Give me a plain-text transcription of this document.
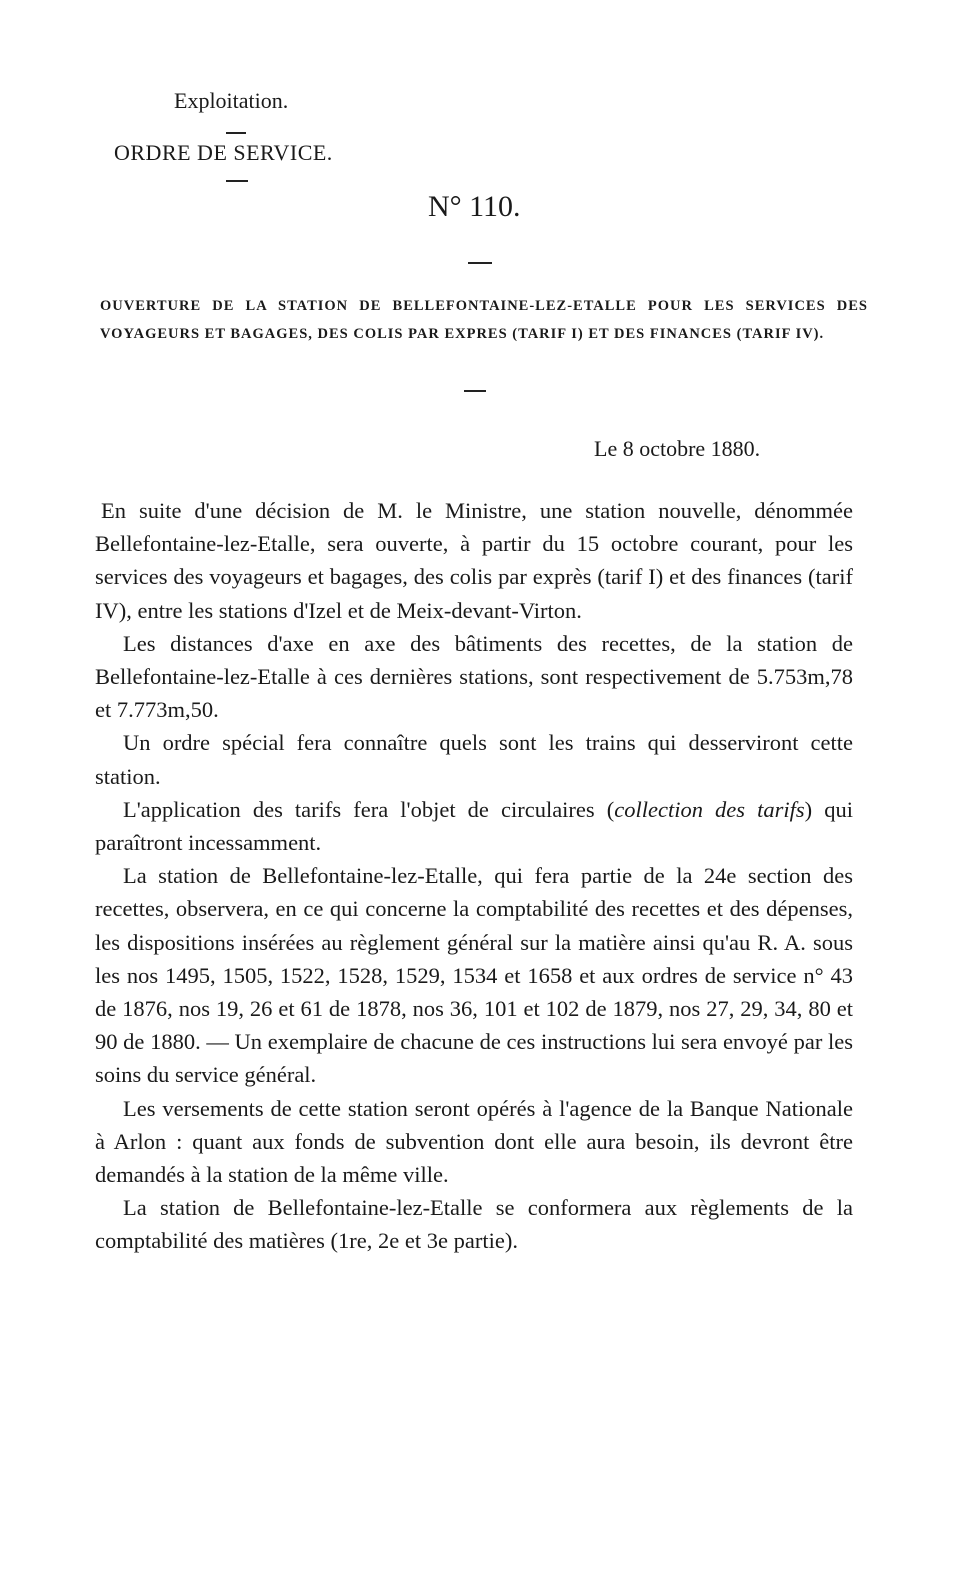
Exploitation.
ORDRE DE SERVICE.
N° 110.
OUVERTURE DE LA STATION DE BELLEFONTAINE-LEZ-ETALLE POUR LES SERVICES DES VOYAGEURS ET BAGAGES, DES COLIS PAR EXPRES (TARIF I) ET DES FINANCES (TARIF IV).
Le 8 octobre 1880.

En suite d'une décision de M. le Ministre, une station nouvelle, dénommée Bellefontaine-lez-Etalle, sera ouverte, à partir du 15 octobre courant, pour les services des voyageurs et bagages, des colis par exprès (tarif I) et des finances (tarif IV), entre les stations d'Izel et de Meix-devant-Virton.

Les distances d'axe en axe des bâtiments des recettes, de la station de Bellefontaine-lez-Etalle à ces dernières stations, sont respectivement de 5.753m,78 et 7.773m,50.

Un ordre spécial fera connaître quels sont les trains qui desserviront cette station.

L'application des tarifs fera l'objet de circulaires (collection des tarifs) qui paraîtront incessamment.

La station de Bellefontaine-lez-Etalle, qui fera partie de la 24e section des recettes, observera, en ce qui concerne la comptabilité des recettes et des dépenses, les dispositions insérées au règlement général sur la matière ainsi qu'au R. A. sous les nos 1495, 1505, 1522, 1528, 1529, 1534 et 1658 et aux ordres de service n° 43 de 1876, nos 19, 26 et 61 de 1878, nos 36, 101 et 102 de 1879, nos 27, 29, 34, 80 et 90 de 1880. — Un exemplaire de chacune de ces instructions lui sera envoyé par les soins du service général.

Les versements de cette station seront opérés à l'agence de la Banque Nationale à Arlon : quant aux fonds de subvention dont elle aura besoin, ils devront être demandés à la station de la même ville.

La station de Bellefontaine-lez-Etalle se conformera aux règlements de la comptabilité des matières (1re, 2e et 3e partie).
